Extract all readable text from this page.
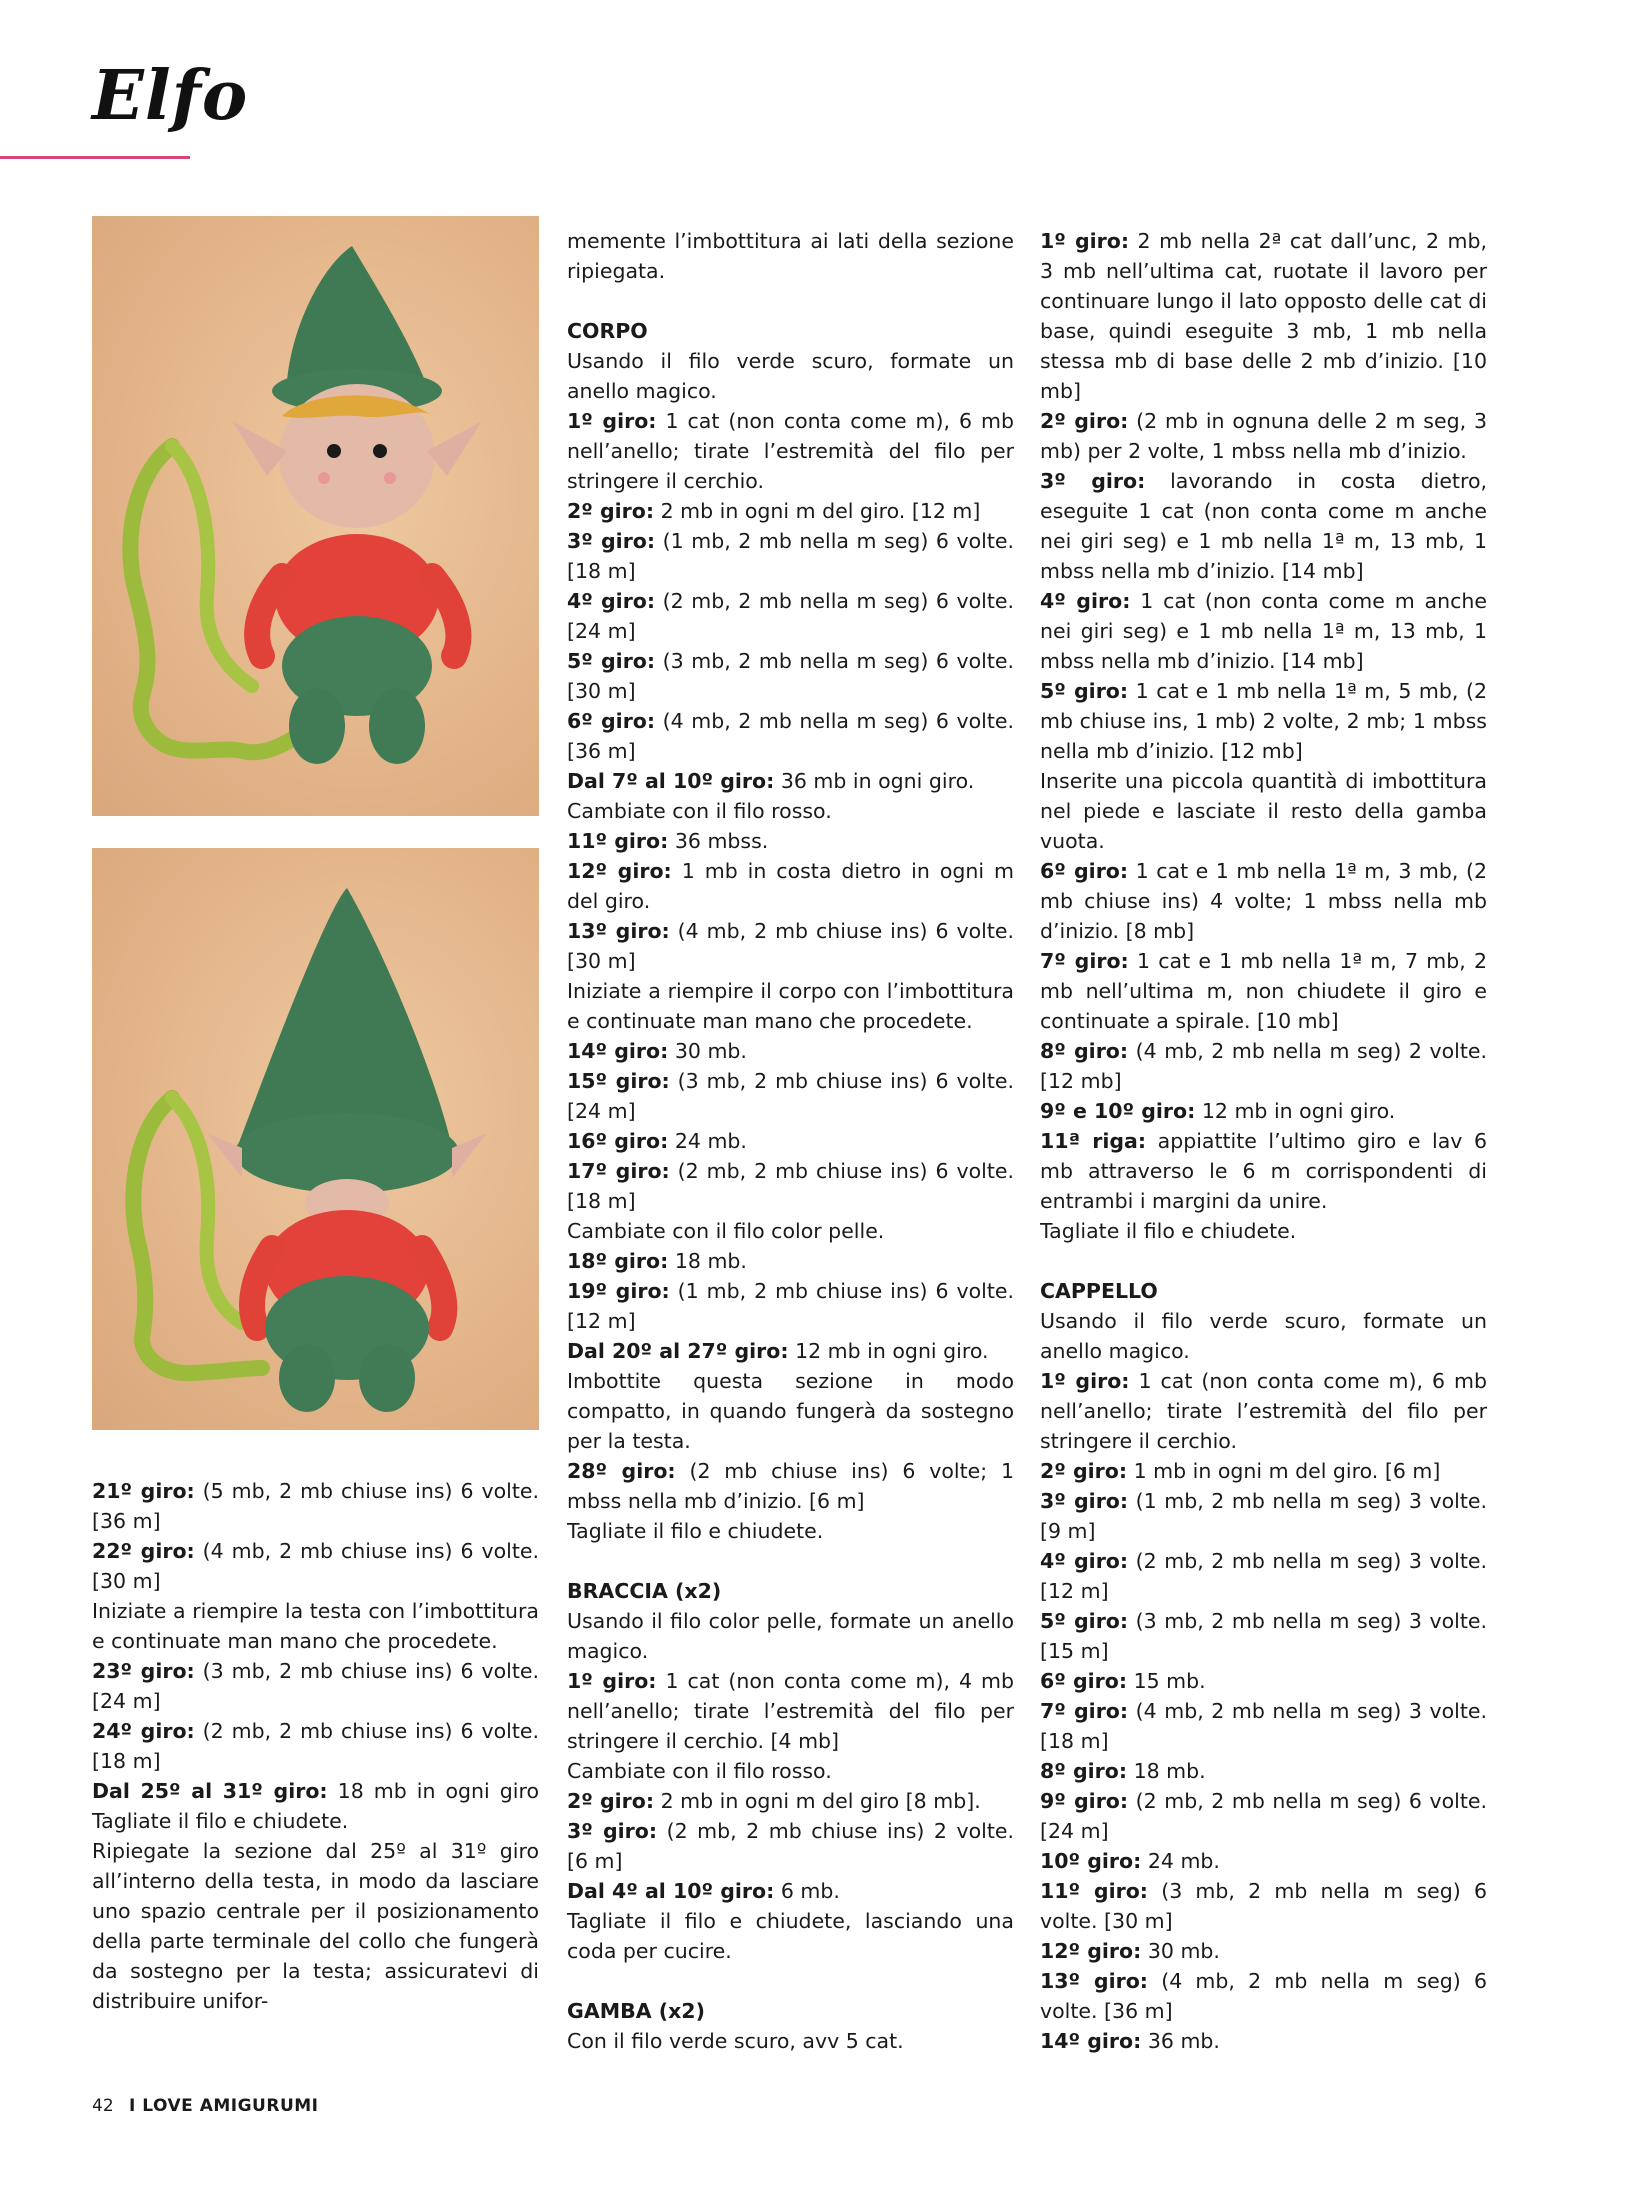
Elfo

21º giro: (5 mb, 2 mb chiuse ins) 6 volte. [36 m]

22º giro: (4 mb, 2 mb chiuse ins) 6 volte. [30 m]

Iniziate a riempire la testa con l’imbottitura e continuate man mano che procedete.

23º giro: (3 mb, 2 mb chiuse ins) 6 volte. [24 m]

24º giro: (2 mb, 2 mb chiuse ins) 6 volte. [18 m]

Dal 25º al 31º giro: 18 mb in ogni giro Tagliate il filo e chiudete.

Ripiegate la sezione dal 25º al 31º giro all’interno della testa, in modo da lasciare uno spazio centrale per il posizionamento della parte terminale del collo che fungerà da sostegno per la testa; assicuratevi di distribuire unifor-

memente l’imbottitura ai lati della sezione ripiegata.

CORPO

Usando il filo verde scuro, formate un anello magico.

1º giro: 1 cat (non conta come m), 6 mb nell’anello; tirate l’estremità del filo per stringere il cerchio.

2º giro: 2 mb in ogni m del giro. [12 m]

3º giro: (1 mb, 2 mb nella m seg) 6 volte. [18 m]

4º giro: (2 mb, 2 mb nella m seg) 6 volte. [24 m]

5º giro: (3 mb, 2 mb nella m seg) 6 volte. [30 m]

6º giro: (4 mb, 2 mb nella m seg) 6 volte. [36 m]

Dal 7º al 10º giro: 36 mb in ogni giro.

Cambiate con il filo rosso.

11º giro: 36 mbss.

12º giro: 1 mb in costa dietro in ogni m del giro.

13º giro: (4 mb, 2 mb chiuse ins) 6 volte. [30 m]

Iniziate a riempire il corpo con l’imbottitura e continuate man mano che procedete.

14º giro: 30 mb.

15º giro: (3 mb, 2 mb chiuse ins) 6 volte. [24 m]

16º giro: 24 mb.

17º giro: (2 mb, 2 mb chiuse ins) 6 volte. [18 m]

Cambiate con il filo color pelle.

18º giro: 18 mb.

19º giro: (1 mb, 2 mb chiuse ins) 6 volte. [12 m]

Dal 20º al 27º giro: 12 mb in ogni giro.

Imbottite questa sezione in modo compatto, in quando fungerà da sostegno per la testa.

28º giro: (2 mb chiuse ins) 6 volte; 1 mbss nella mb d’inizio. [6 m]

Tagliate il filo e chiudete.

BRACCIA (x2)

Usando il filo color pelle, formate un anello magico.

1º giro: 1 cat (non conta come m), 4 mb nell’anello; tirate l’estremità del filo per stringere il cerchio. [4 mb]

Cambiate con il filo rosso.

2º giro: 2 mb in ogni m del giro [8 mb].

3º giro: (2 mb, 2 mb chiuse ins) 2 volte. [6 m]

Dal 4º al 10º giro: 6 mb.

Tagliate il filo e chiudete, lasciando una coda per cucire.

GAMBA (x2)

Con il filo verde scuro, avv 5 cat.

1º giro: 2 mb nella 2ª cat dall’unc, 2 mb, 3 mb nell’ultima cat, ruotate il lavoro per continuare lungo il lato opposto delle cat di base, quindi eseguite 3 mb, 1 mb nella stessa mb di base delle 2 mb d’inizio. [10 mb]

2º giro: (2 mb in ognuna delle 2 m seg, 3 mb) per 2 volte, 1 mbss nella mb d’inizio.

3º giro: lavorando in costa dietro, eseguite 1 cat (non conta come m anche nei giri seg) e 1 mb nella 1ª m, 13 mb, 1 mbss nella mb d’inizio. [14 mb]

4º giro: 1 cat (non conta come m anche nei giri seg) e 1 mb nella 1ª m, 13 mb, 1 mbss nella mb d’inizio. [14 mb]

5º giro: 1 cat e 1 mb nella 1ª m, 5 mb, (2 mb chiuse ins, 1 mb) 2 volte, 2 mb; 1 mbss nella mb d’inizio. [12 mb]

Inserite una piccola quantità di imbottitura nel piede e lasciate il resto della gamba vuota.

6º giro: 1 cat e 1 mb nella 1ª m, 3 mb, (2 mb chiuse ins) 4 volte; 1 mbss nella mb d’inizio. [8 mb]

7º giro: 1 cat e 1 mb nella 1ª m, 7 mb, 2 mb nell’ultima m, non chiudete il giro e continuate a spirale. [10 mb]

8º giro: (4 mb, 2 mb nella m seg) 2 volte. [12 mb]

9º e 10º giro: 12 mb in ogni giro.

11ª riga: appiattite l’ultimo giro e lav 6 mb attraverso le 6 m corrispondenti di entrambi i margini da unire.

Tagliate il filo e chiudete.

CAPPELLO

Usando il filo verde scuro, formate un anello magico.

1º giro: 1 cat (non conta come m), 6 mb nell’anello; tirate l’estremità del filo per stringere il cerchio.

2º giro: 1 mb in ogni m del giro. [6 m]

3º giro: (1 mb, 2 mb nella m seg) 3 volte. [9 m]

4º giro: (2 mb, 2 mb nella m seg) 3 volte. [12 m]

5º giro: (3 mb, 2 mb nella m seg) 3 volte. [15 m]

6º giro: 15 mb.

7º giro: (4 mb, 2 mb nella m seg) 3 volte. [18 m]

8º giro: 18 mb.

9º giro: (2 mb, 2 mb nella m seg) 6 volte. [24 m]

10º giro: 24 mb.

11º giro: (3 mb, 2 mb nella m seg) 6 volte. [30 m]

12º giro: 30 mb.

13º giro: (4 mb, 2 mb nella m seg) 6 volte. [36 m]

14º giro: 36 mb.

42 I LOVE AMIGURUMI
